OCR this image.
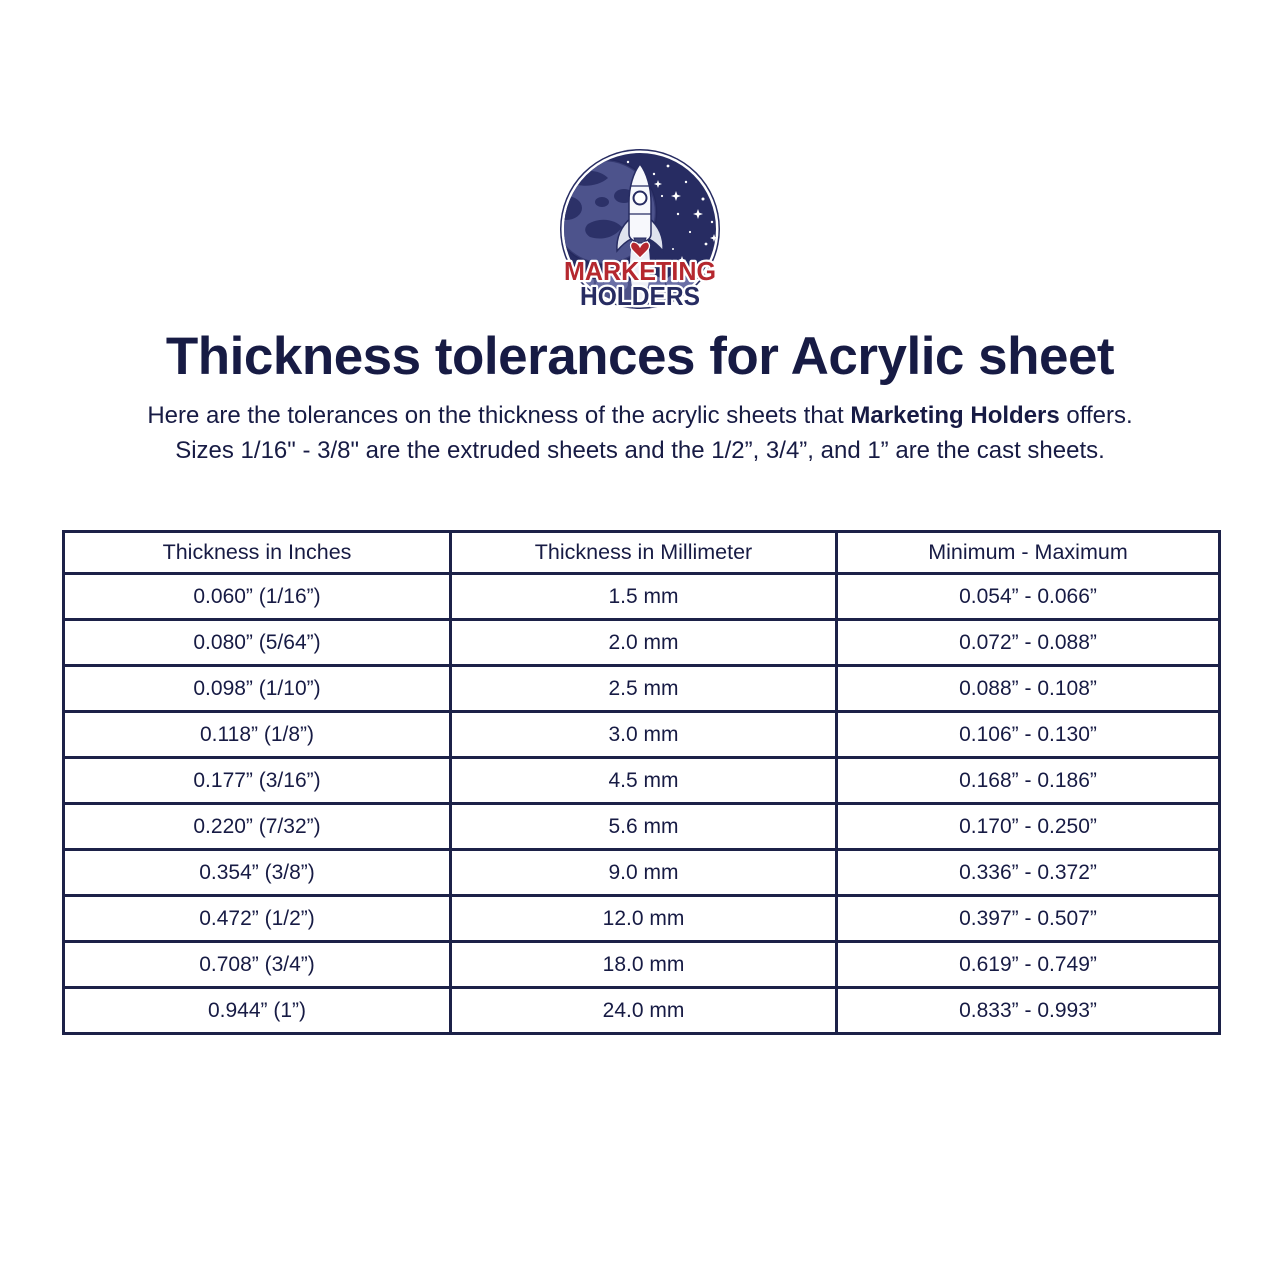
MARKETING
HOLDERS
Thickness tolerances for Acrylic sheet

Here are the tolerances on the thickness of the acrylic sheets that Marketing Holders offers.
Sizes 1/16" - 3/8" are the extruded sheets and the 1/2”, 3/4”, and 1” are the cast sheets.

Thickness in Inches	Thickness in Millimeter	Minimum - Maximum
0.060” (1/16”)	1.5 mm	0.054” - 0.066”
0.080” (5/64”)	2.0 mm	0.072” - 0.088”
0.098” (1/10”)	2.5 mm	0.088” - 0.108”
0.118” (1/8”)	3.0 mm	0.106” - 0.130”
0.177” (3/16”)	4.5 mm	0.168” - 0.186”
0.220” (7/32”)	5.6 mm	0.170” - 0.250”
0.354” (3/8”)	9.0 mm	0.336” - 0.372”
0.472” (1/2”)	12.0 mm	0.397” - 0.507”
0.708” (3/4”)	18.0 mm	0.619” - 0.749”
0.944” (1”)	24.0 mm	0.833” - 0.993”
